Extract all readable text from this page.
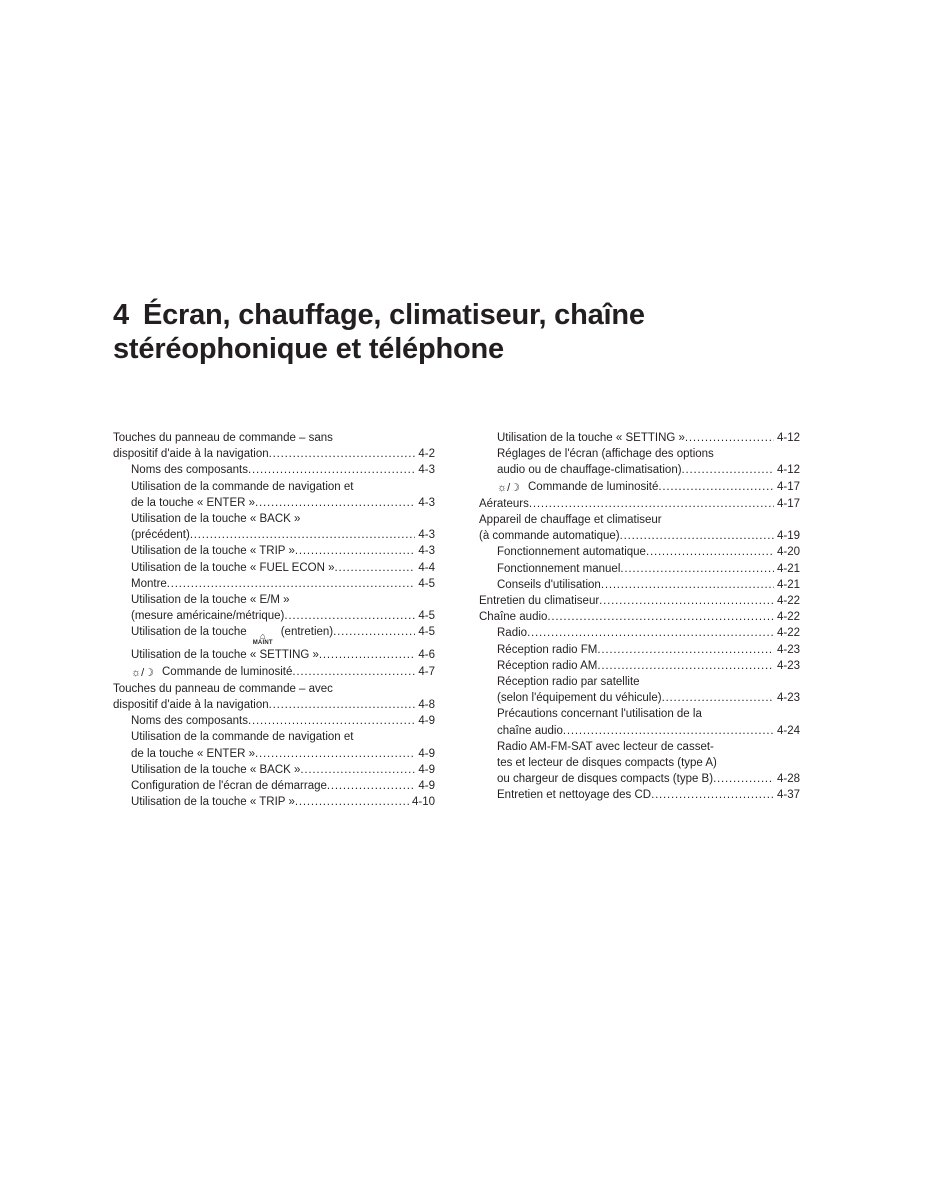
4 Écran, chauffage, climatiseur, chaîne
stéréophonique et téléphone
Touches du panneau de commande – sans
dispositif d'aide à la navigation . . .	4-2
Noms des composants . . .	4-3
Utilisation de la commande de navigation et
de la touche « ENTER » . . .	4-3
Utilisation de la touche « BACK »
(précédent) . . .	4-3
Utilisation de la touche « TRIP » . . .	4-3
Utilisation de la touche « FUEL ECON » . . .	4-4
Montre . . .	4-5
Utilisation de la touche « E/M »
(mesure américaine/métrique) . . .	4-5
Utilisation de la touche ⌂
MAINT
(entretien) . . .	4-5
Utilisation de la touche « SETTING » . . .	4-6
☼/☽ Commande de luminosité . . .	4-7
Touches du panneau de commande – avec
dispositif d'aide à la navigation . . .	4-8
Noms des composants . . .	4-9
Utilisation de la commande de navigation et
de la touche « ENTER » . . .	4-9
Utilisation de la touche « BACK » . . .	4-9
Configuration de l'écran de démarrage . . .	4-9
Utilisation de la touche « TRIP » . . .	4-10
Utilisation de la touche « SETTING » . . .	4-12
Réglages de l'écran (affichage des options
audio ou de chauffage-climatisation) . . .	4-12
☼/☽ Commande de luminosité . . .	4-17
Aérateurs . . .	4-17
Appareil de chauffage et climatiseur
(à commande automatique) . . .	4-19
Fonctionnement automatique . . .	4-20
Fonctionnement manuel . . .	4-21
Conseils d'utilisation . . .	4-21
Entretien du climatiseur . . .	4-22
Chaîne audio . . .	4-22
Radio . . .	4-22
Réception radio FM . . .	4-23
Réception radio AM . . .	4-23
Réception radio par satellite
(selon l'équipement du véhicule) . . .	4-23
Précautions concernant l'utilisation de la
chaîne audio . . .	4-24
Radio AM-FM-SAT avec lecteur de casset-
tes et lecteur de disques compacts (type A)
ou chargeur de disques compacts (type B) . . .	4-28
Entretien et nettoyage des CD . . .	4-37
